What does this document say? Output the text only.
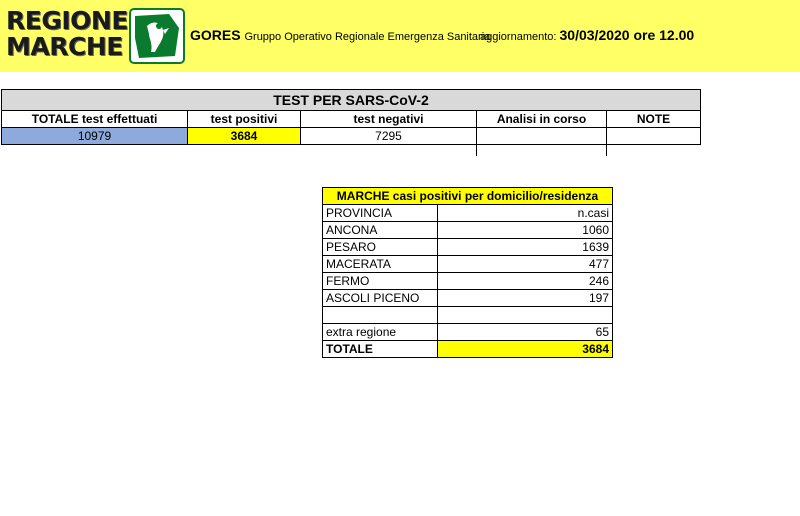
REGIONE
MARCHE	GORES Gruppo Operativo Regionale Emergenza Sanitaria
aggiornamento: 30/03/2020 ore 12.00
TEST PER SARS-CoV-2				
TOTALE test effettuati	test positivi	test negativi	Analisi in corso	NOTE
10979	3684	7295		

MARCHE casi positivi per domicilio/residenza	
PROVINCIA	n.casi
ANCONA	1060
PESARO	1639
MACERATA	477
FERMO	246
ASCOLI PICENO	197

extra regione	65
TOTALE	3684
